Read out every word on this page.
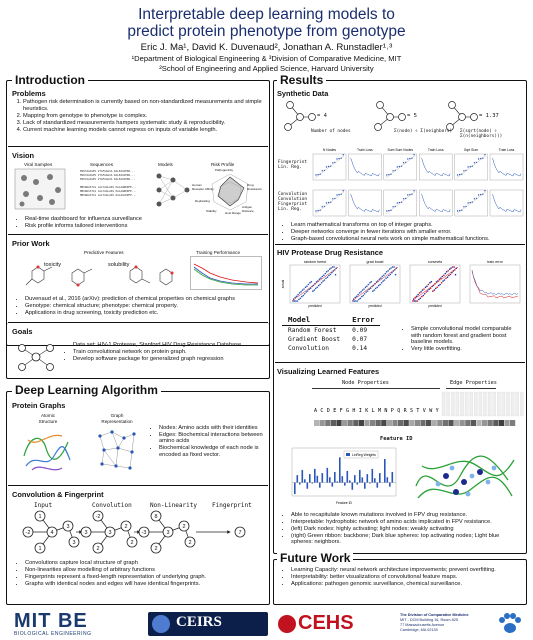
Interpretable deep learning models to
predict protein phenotype from genotype
Eric J. Ma¹, David K. Duvenaud², Jonathan A. Runstadler¹˒³
¹Department of Biological Engineering & ³Division of Comparative Medicine, MIT
²School of Engineering and Applied Science, Harvard University
Introduction
Problems
1. Pathogen risk determination is currently based on non-standardized measurements and simple heuristics.
2. Mapping from genotype to phenotype is complex.
3. Lack of standardized measurements hampers systematic study & reproducibility.
4. Current machine learning models cannot regress on inputs of variable length.
Vision
Viral Samples	Sequences	Models	Risk Profile
MSKYAAASEV VTAFGAGVA KALEAGVEKR...
MSKYAAASPV VTAFGAGVA KALEAGVEKR...
MSKYAAASEV VTGFGAGVA KALEAGVEKR...
MNVNAASTLS LALYAGLAKS KALAGNDRFE...
MNVNASSTLS LALYAGLAKS KALAGNDRFE...
MNVNAASTLS LALYAGLAKS KALAGLDRFE...
Pathogenicity
Drug Resistance
Antigen Distance
Human Receptor Affinity
Replicating
Stability	Host Range
• Real-time dashboard for influenza surveillance
• Risk profile informs tailored interventions
Prior Work
Predictive Features	Training Performance
toxicity	solubility
• Duvenaud et al., 2016 (arXiv): prediction of chemical properties on chemical graphs
• Genotype: chemical structure; phenotype: chemical property.
• Applications in drug screening, toxicity prediction etc.
Goals
• Data set: HIV-1 Protease, Stanford HIV Drug Resistance Database
• Train convolutional network on protein graph.
• Develop software package for generalized graph regression
Deep Learning Algorithm
Protein Graphs
Atomic Structure
Graph Representation
• Nodes: Amino acids with their identities
• Edges: Biochemical interactions between amino acids
• Biochemical knowledge of each node is encoded as fixed vector.
Convolution & Fingerprint
Input	Convolution	Non-Linearity	Fingerprint
1
-2	4
3
1
3
-2
3	3
2
2
2
8
-3	3
2
2
2
7
• Convolutions capture local structure of graph
• Non-linearities allow modelling of arbitrary functions
• Fingerprints represent a fixed-length representation of underlying graph.
• Graphs with identical nodes and edges will have identical fingerprints.
Results
Synthetic Data
= 4	= 5	= 1.37
Number of nodes	Σ(node) ÷ Σ(neighbors)	Σ(sqrt(node) ÷ Σ(n(neighbors)))
Fingerprint Lin. Reg.
Convolution Convolution Fingerprint Lin. Reg.
N Nodes	Train Loss	Sum Sum Nodes	Train Loss	Sqrt Sum	Train Loss
• Learn mathematical transforms on top of integer graphs.
• Deeper networks converge in fewer iterations with smaller error.
• Graph-based convolutional neural nets work on simple mathematical functions.
HIV Protease Drug Resistance
random forest
actual
predicted
grad boost
predicted
convnets
predicted
train error
Model	Error
Random Forest	0.09
Gradient Boost	0.07
Convolution	0.14
• Simple convolutional model comparable with random forest and gradient boost baseline models.
• Very little overfitting.
Visualizing Learned Features
Node Properties	Edge Properties
A C D E F G H I K L M N P Q R S T V W Y
Feature ID
LinReg Weights
Feature ID
• Able to recapitulate known mutations involved in FPV drug resistance.
• Interpretable: hydrophobic network of amino acids implicated in FPV resistance.
• (left) Dark nodes: highly activating; light nodes: weakly activating
• (right) Green ribbon: backbone; Dark blue spheres: top activating nodes; Light blue spheres: neighbors.
Future Work
• Learning Capacity: neural network architecture improvements; prevent overfitting.
• Interpretability: better visualizations of convolutional feature maps.
• Applications: pathogen genomic surveillance, chemical surveillance.
MIT BE
BIOLOGICAL ENGINEERING
CEIRS	CEHS	The Division of Comparative Medicine
MIT - DCM Building 16, Room 825
77 Massachusetts Avenue
Cambridge, MA 02139
